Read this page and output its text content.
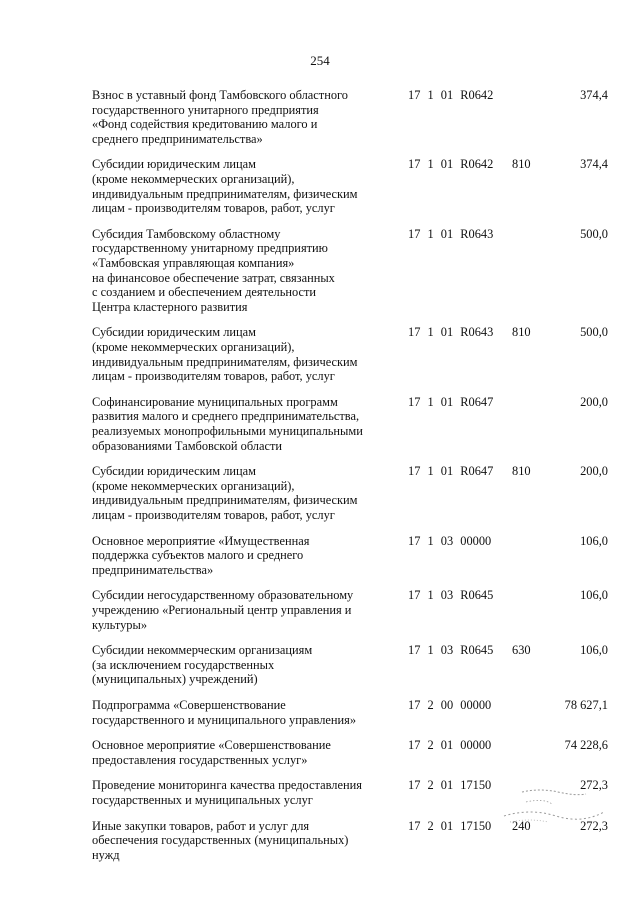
254
Взнос в уставный фонд Тамбовского областного
государственного унитарного предприятия
«Фонд содействия кредитованию малого и
среднего предпринимательства»
17 1 01 R0642	374,4
Субсидии юридическим лицам
(кроме некоммерческих организаций),
индивидуальным предпринимателям, физическим
лицам - производителям товаров, работ, услуг
17 1 01 R0642 810	374,4
Субсидия Тамбовскому областному
государственному унитарному предприятию
«Тамбовская управляющая компания»
на финансовое обеспечение затрат, связанных
с созданием и обеспечением деятельности
Центра кластерного развития
17 1 01 R0643	500,0
Субсидии юридическим лицам
(кроме некоммерческих организаций),
индивидуальным предпринимателям, физическим
лицам - производителям товаров, работ, услуг
17 1 01 R0643 810	500,0
Софинансирование муниципальных программ
развития малого и среднего предпринимательства,
реализуемых монопрофильными муниципальными
образованиями Тамбовской области
17 1 01 R0647	200,0
Субсидии юридическим лицам
(кроме некоммерческих организаций),
индивидуальным предпринимателям, физическим
лицам - производителям товаров, работ, услуг
17 1 01 R0647 810	200,0
Основное мероприятие «Имущественная
поддержка субъектов малого и среднего
предпринимательства»
17 1 03 00000	106,0
Субсидии негосударственному образовательному
учреждению «Региональный центр управления и
культуры»
17 1 03 R0645	106,0
Субсидии некоммерческим организациям
(за исключением государственных
(муниципальных) учреждений)
17 1 03 R0645 630	106,0
Подпрограмма «Совершенствование
государственного и муниципального управления»
17 2 00 00000	78 627,1
Основное мероприятие «Совершенствование
предоставления государственных услуг»
17 2 01 00000	74 228,6
Проведение мониторинга качества предоставления
государственных и муниципальных услуг
17 2 01 17150	272,3
Иные закупки товаров, работ и услуг для
обеспечения государственных (муниципальных)
нужд
17 2 01 17150 240	272,3
